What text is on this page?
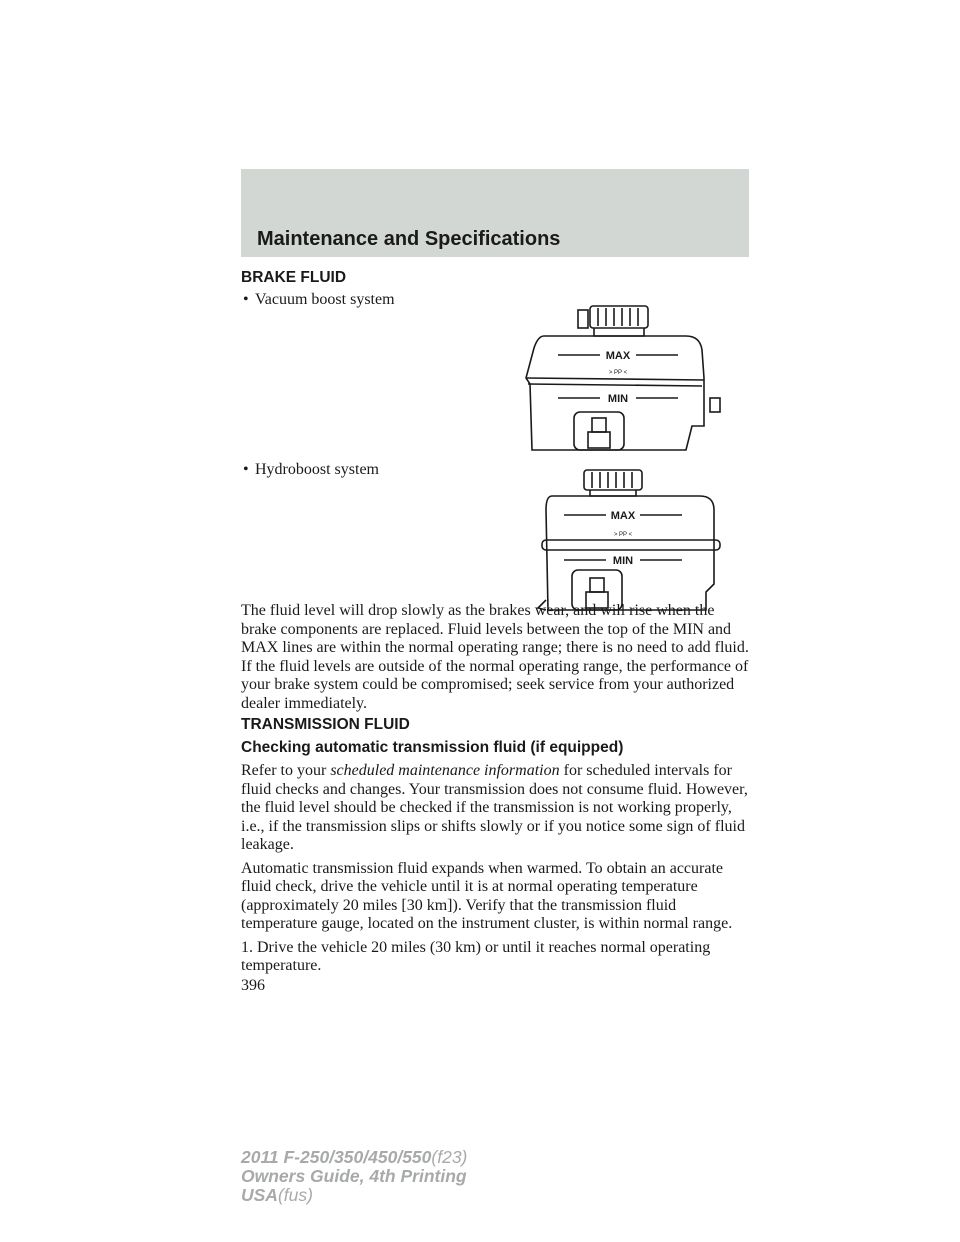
Maintenance and Specifications
BRAKE FLUID
• Vacuum boost system
• Hydroboost system

The fluid level will drop slowly as the brakes wear, and will rise when the brake components are replaced. Fluid levels between the top of the MIN and MAX lines are within the normal operating range; there is no need to add fluid. If the fluid levels are outside of the normal operating range, the performance of your brake system could be compromised; seek service from your authorized dealer immediately.

TRANSMISSION FLUID
Checking automatic transmission fluid (if equipped)

Refer to your scheduled maintenance information for scheduled intervals for fluid checks and changes. Your transmission does not consume fluid. However, the fluid level should be checked if the transmission is not working properly, i.e., if the transmission slips or shifts slowly or if you notice some sign of fluid leakage.

Automatic transmission fluid expands when warmed. To obtain an accurate fluid check, drive the vehicle until it is at normal operating temperature (approximately 20 miles [30 km]). Verify that the transmission fluid temperature gauge, located on the instrument cluster, is within normal range.

1. Drive the vehicle 20 miles (30 km) or until it reaches normal operating temperature.

396

MAX
> PP <
MIN
MAX
> PP <
MIN
2011 F-250/350/450/550(f23)
Owners Guide, 4th Printing
USA(fus)
